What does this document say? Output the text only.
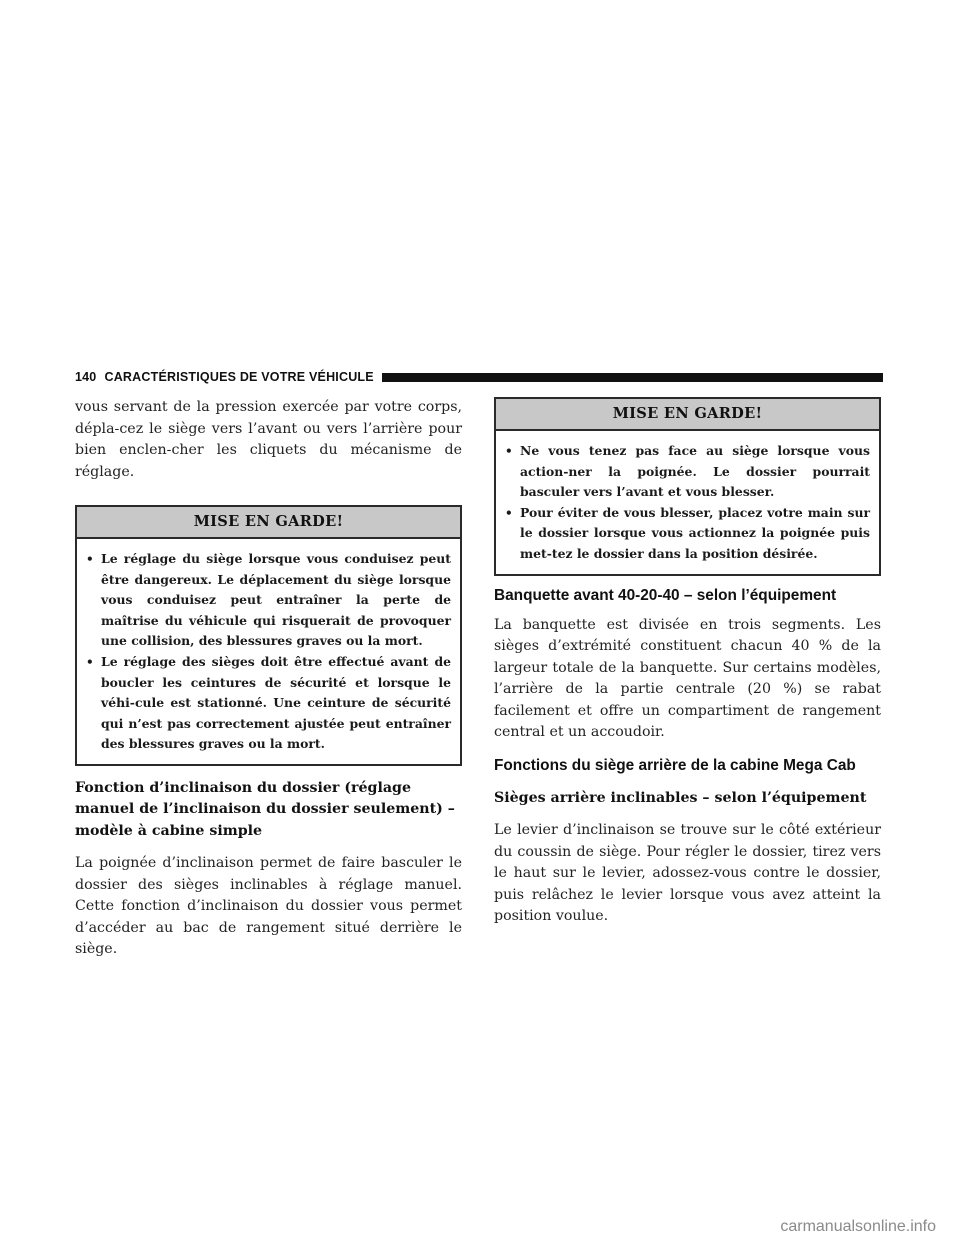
140 CARACTÉRISTIQUES DE VOTRE VÉHICULE

vous servant de la pression exercée par votre corps, dépla-cez le siège vers l’avant ou vers l’arrière pour bien enclen-cher les cliquets du mécanisme de réglage.

MISE EN GARDE!
• Le réglage du siège lorsque vous conduisez peut être dangereux. Le déplacement du siège lorsque vous conduisez peut entraîner la perte de maîtrise du véhicule qui risquerait de provoquer une collision, des blessures graves ou la mort.
• Le réglage des sièges doit être effectué avant de boucler les ceintures de sécurité et lorsque le véhi-cule est stationné. Une ceinture de sécurité qui n’est pas correctement ajustée peut entraîner des blessures graves ou la mort.
Fonction d’inclinaison du dossier (réglage manuel de l’inclinaison du dossier seulement) – modèle à cabine simple

La poignée d’inclinaison permet de faire basculer le dossier des sièges inclinables à réglage manuel. Cette fonction d’inclinaison du dossier vous permet d’accéder au bac de rangement situé derrière le siège.

MISE EN GARDE!
• Ne vous tenez pas face au siège lorsque vous action-ner la poignée. Le dossier pourrait basculer vers l’avant et vous blesser.
• Pour éviter de vous blesser, placez votre main sur le dossier lorsque vous actionnez la poignée puis met-tez le dossier dans la position désirée.
Banquette avant 40-20-40 – selon l’équipement

La banquette est divisée en trois segments. Les sièges d’extrémité constituent chacun 40 % de la largeur totale de la banquette. Sur certains modèles, l’arrière de la partie centrale (20 %) se rabat facilement et offre un compartiment de rangement central et un accoudoir.

Fonctions du siège arrière de la cabine Mega Cab
Sièges arrière inclinables – selon l’équipement

Le levier d’inclinaison se trouve sur le côté extérieur du coussin de siège. Pour régler le dossier, tirez vers le haut sur le levier, adossez-vous contre le dossier, puis relâchez le levier lorsque vous avez atteint la position voulue.

carmanualsonline.info
